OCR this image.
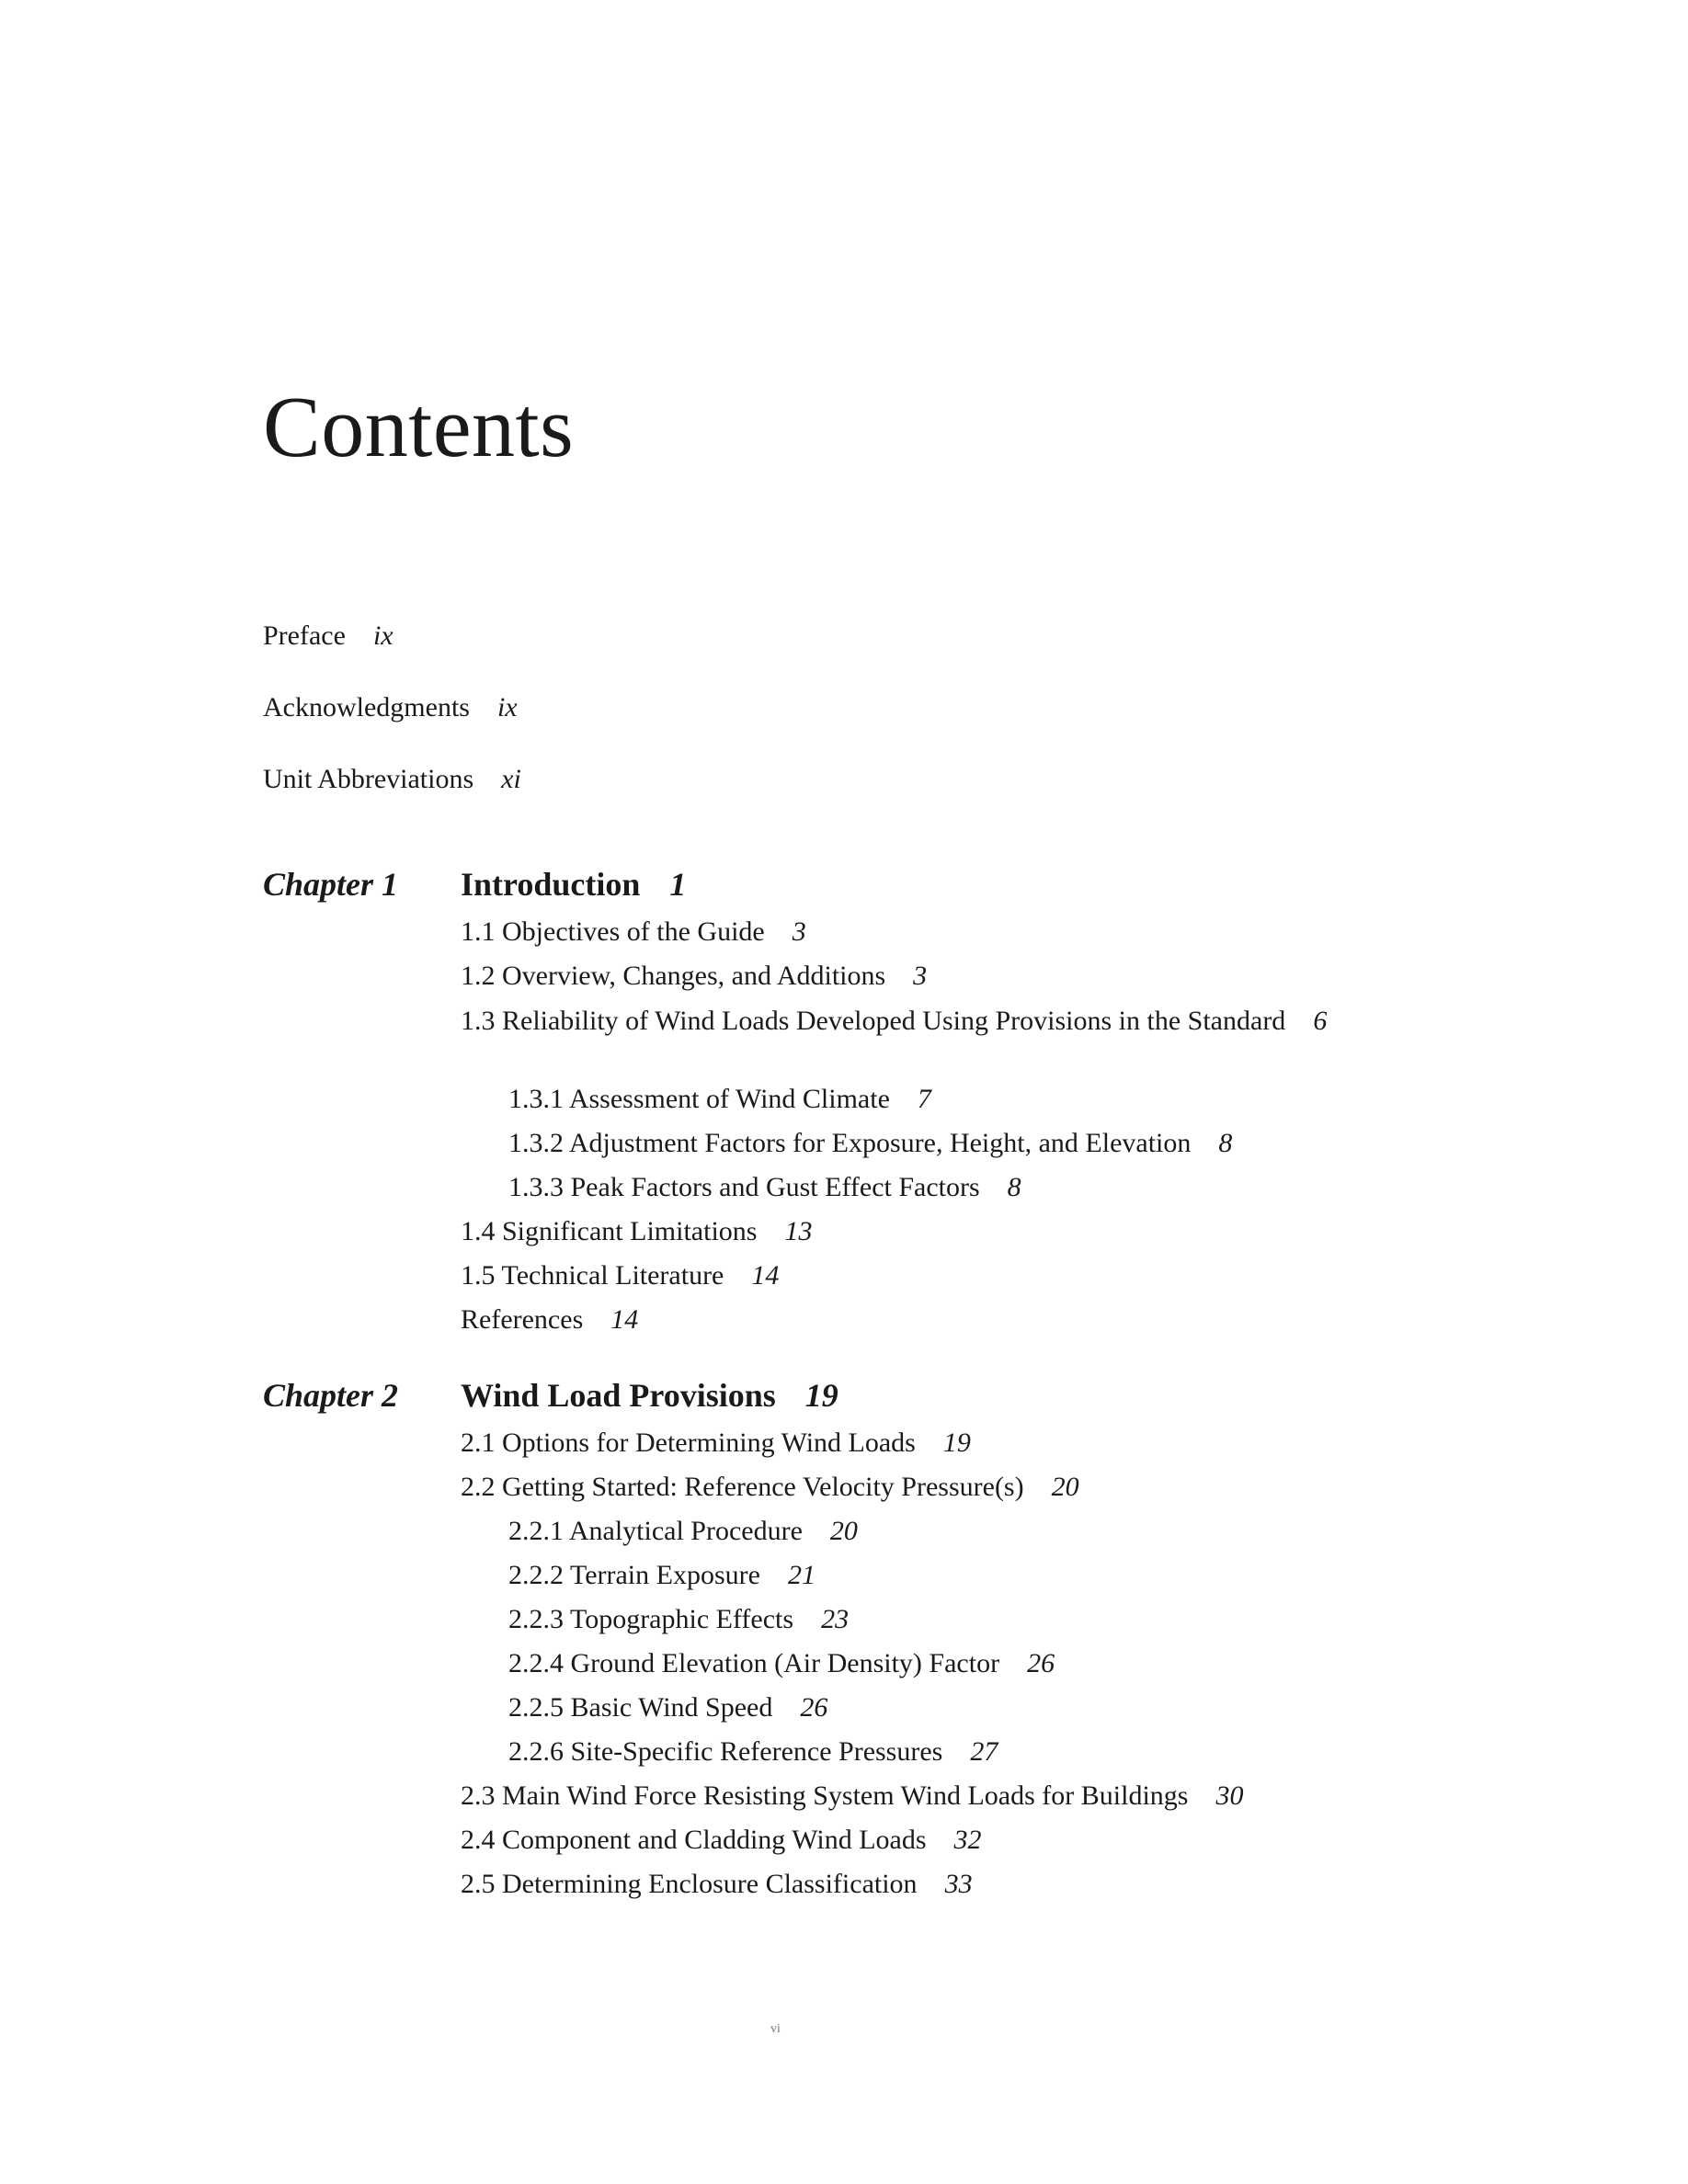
Contents
Preface ix
Acknowledgments ix
Unit Abbreviations xi
Chapter 1 Introduction 1
1.1 Objectives of the Guide 3
1.2 Overview, Changes, and Additions 3
1.3 Reliability of Wind Loads Developed Using Provisions in the Standard 6
1.3.1 Assessment of Wind Climate 7
1.3.2 Adjustment Factors for Exposure, Height, and Elevation 8
1.3.3 Peak Factors and Gust Effect Factors 8
1.4 Significant Limitations 13
1.5 Technical Literature 14
References 14
Chapter 2 Wind Load Provisions 19
2.1 Options for Determining Wind Loads 19
2.2 Getting Started: Reference Velocity Pressure(s) 20
2.2.1 Analytical Procedure 20
2.2.2 Terrain Exposure 21
2.2.3 Topographic Effects 23
2.2.4 Ground Elevation (Air Density) Factor 26
2.2.5 Basic Wind Speed 26
2.2.6 Site-Specific Reference Pressures 27
2.3 Main Wind Force Resisting System Wind Loads for Buildings 30
2.4 Component and Cladding Wind Loads 32
2.5 Determining Enclosure Classification 33
vi
